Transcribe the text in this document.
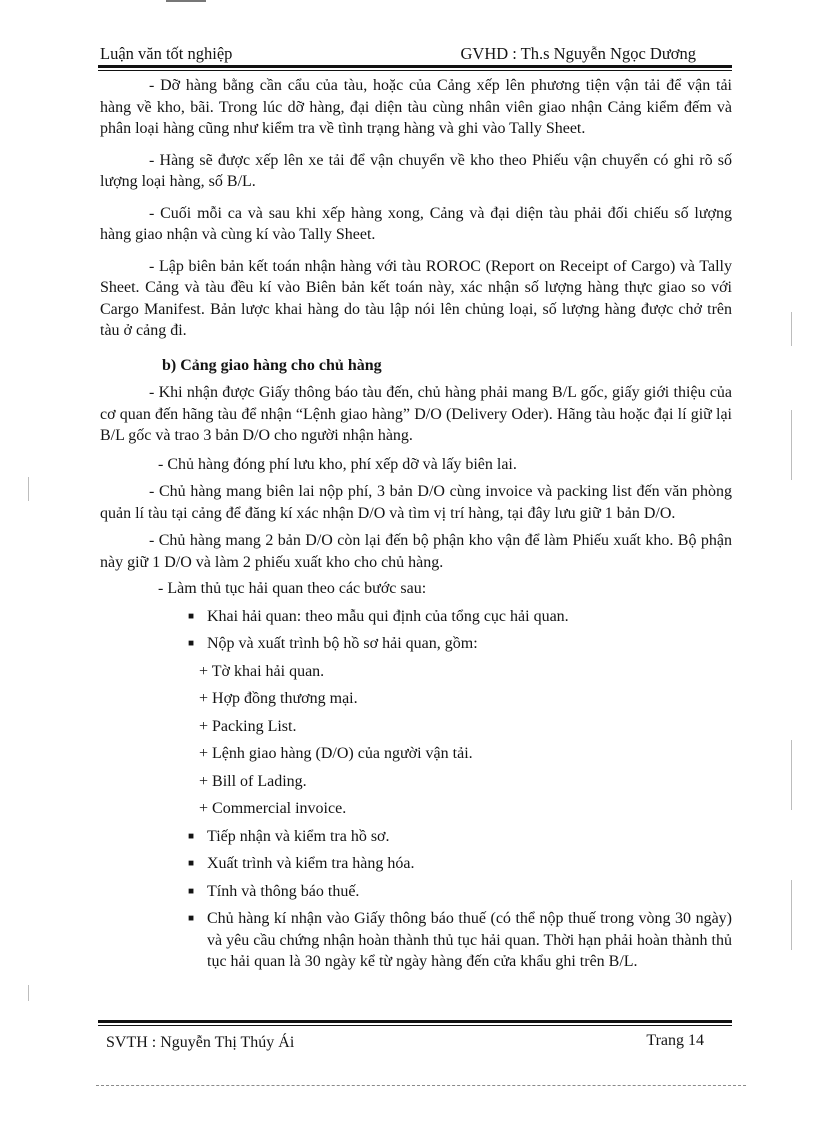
Luận văn tốt nghiệp	GVHD : Th.s Nguyễn Ngọc Dương

- Dỡ hàng bằng cần cẩu của tàu, hoặc của Cảng xếp lên phương tiện vận tải để vận tải hàng về kho, bãi. Trong lúc dỡ hàng, đại diện tàu cùng nhân viên giao nhận Cảng kiểm đếm và phân loại hàng cũng như kiểm tra về tình trạng hàng và ghi vào Tally Sheet.

- Hàng sẽ được xếp lên xe tải để vận chuyển về kho theo Phiếu vận chuyển có ghi rõ số lượng loại hàng, số B/L.

- Cuối mỗi ca và sau khi xếp hàng xong, Cảng và đại diện tàu phải đối chiếu số lượng hàng giao nhận và cùng kí vào Tally Sheet.

- Lập biên bản kết toán nhận hàng với tàu ROROC (Report on Receipt of Cargo) và Tally Sheet. Cảng và tàu đều kí vào Biên bản kết toán này, xác nhận số lượng hàng thực giao so với Cargo Manifest. Bản lược khai hàng do tàu lập nói lên chủng loại, số lượng hàng được chở trên tàu ở cảng đi.

b) Cảng giao hàng cho chủ hàng

- Khi nhận được Giấy thông báo tàu đến, chủ hàng phải mang B/L gốc, giấy giới thiệu của cơ quan đến hãng tàu để nhận “Lệnh giao hàng” D/O (Delivery Oder). Hãng tàu hoặc đại lí giữ lại B/L gốc và trao 3 bản D/O cho người nhận hàng.

- Chủ hàng đóng phí lưu kho, phí xếp dỡ và lấy biên lai.

- Chủ hàng mang biên lai nộp phí, 3 bản D/O cùng invoice và packing list đến văn phòng quản lí tàu tại cảng để đăng kí xác nhận D/O và tìm vị trí hàng, tại đây lưu giữ 1 bản D/O.

- Chủ hàng mang 2 bản D/O còn lại đến bộ phận kho vận để làm Phiếu xuất kho. Bộ phận này giữ 1 D/O và làm 2 phiếu xuất kho cho chủ hàng.

- Làm thủ tục hải quan theo các bước sau:

■ Khai hải quan: theo mẫu qui định của tổng cục hải quan.
■ Nộp và xuất trình bộ hồ sơ hải quan, gồm:
+ Tờ khai hải quan.
+ Hợp đồng thương mại.
+ Packing List.
+ Lệnh giao hàng (D/O) của người vận tải.
+ Bill of Lading.
+ Commercial invoice.
■ Tiếp nhận và kiểm tra hồ sơ.
■ Xuất trình và kiểm tra hàng hóa.
■ Tính và thông báo thuế.
■ Chủ hàng kí nhận vào Giấy thông báo thuế (có thể nộp thuế trong vòng 30 ngày) và yêu cầu chứng nhận hoàn thành thủ tục hải quan. Thời hạn phải hoàn thành thủ tục hải quan là 30 ngày kể từ ngày hàng đến cửa khẩu ghi trên B/L.
SVTH : Nguyễn Thị Thúy Ái	Trang 14
